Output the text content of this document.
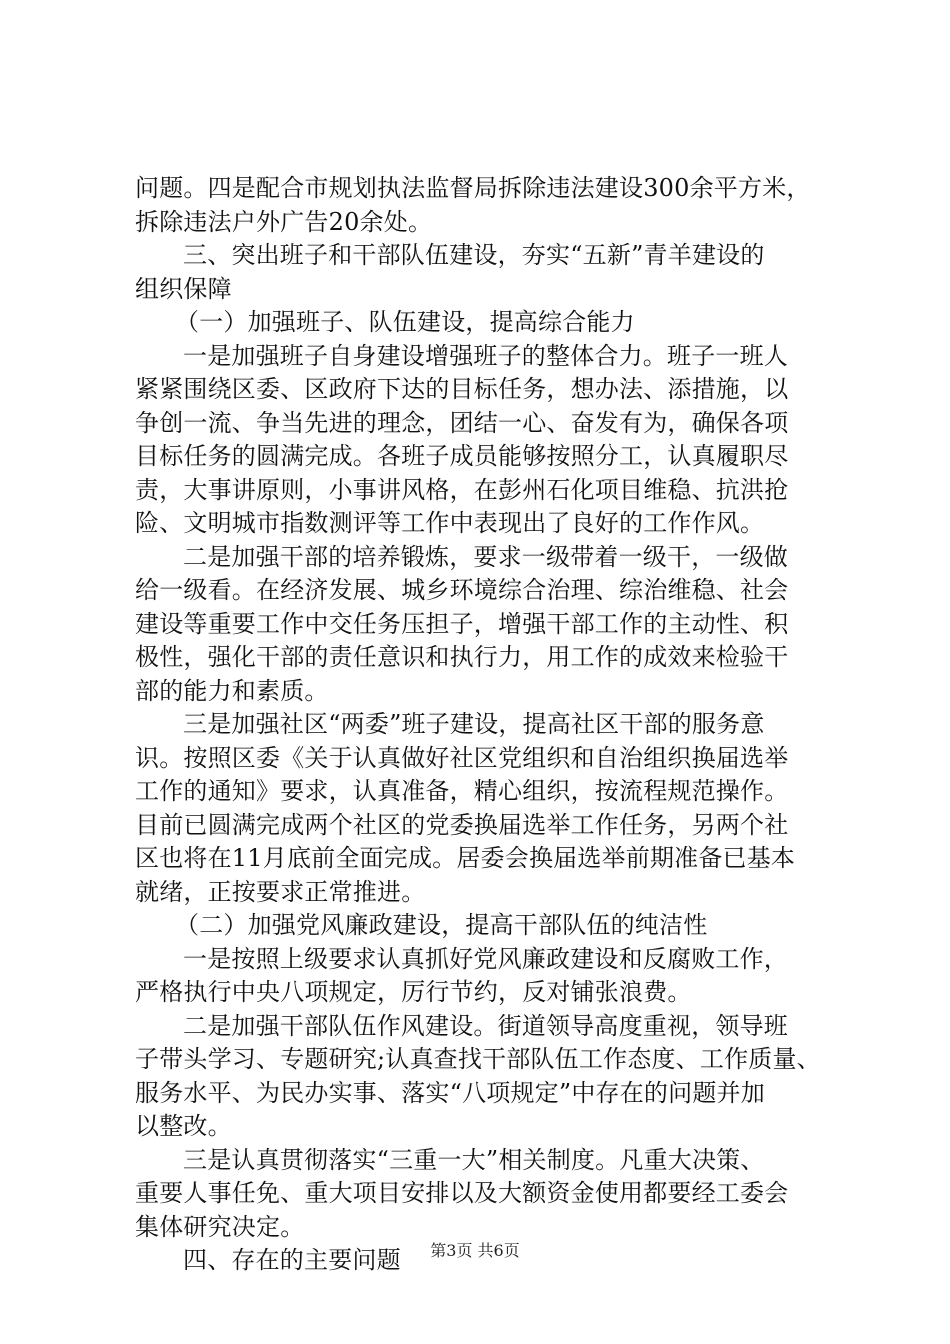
问题。四是配合市规划执法监督局拆除违法建设300余平方米，
拆除违法户外广告20余处。
三、突出班子和干部队伍建设，夯实“五新”青羊建设的
组织保障
（一）加强班子、队伍建设，提高综合能力
一是加强班子自身建设增强班子的整体合力。班子一班人
紧紧围绕区委、区政府下达的目标任务，想办法、添措施，以
争创一流、争当先进的理念，团结一心、奋发有为，确保各项
目标任务的圆满完成。各班子成员能够按照分工，认真履职尽
责，大事讲原则，小事讲风格，在彭州石化项目维稳、抗洪抢
险、文明城市指数测评等工作中表现出了良好的工作作风。
二是加强干部的培养锻炼，要求一级带着一级干，一级做
给一级看。在经济发展、城乡环境综合治理、综治维稳、社会
建设等重要工作中交任务压担子，增强干部工作的主动性、积
极性，强化干部的责任意识和执行力，用工作的成效来检验干
部的能力和素质。
三是加强社区“两委”班子建设，提高社区干部的服务意
识。按照区委《关于认真做好社区党组织和自治组织换届选举
工作的通知》要求，认真准备，精心组织，按流程规范操作。
目前已圆满完成两个社区的党委换届选举工作任务，另两个社
区也将在11月底前全面完成。居委会换届选举前期准备已基本
就绪，正按要求正常推进。
（二）加强党风廉政建设，提高干部队伍的纯洁性
一是按照上级要求认真抓好党风廉政建设和反腐败工作，
严格执行中央八项规定，厉行节约，反对铺张浪费。
二是加强干部队伍作风建设。街道领导高度重视，领导班
子带头学习、专题研究;认真查找干部队伍工作态度、工作质量、
服务水平、为民办实事、落实“八项规定”中存在的问题并加
以整改。
三是认真贯彻落实“三重一大”相关制度。凡重大决策、
重要人事任免、重大项目安排以及大额资金使用都要经工委会
集体研究决定。
四、存在的主要问题	第3页 共6页
